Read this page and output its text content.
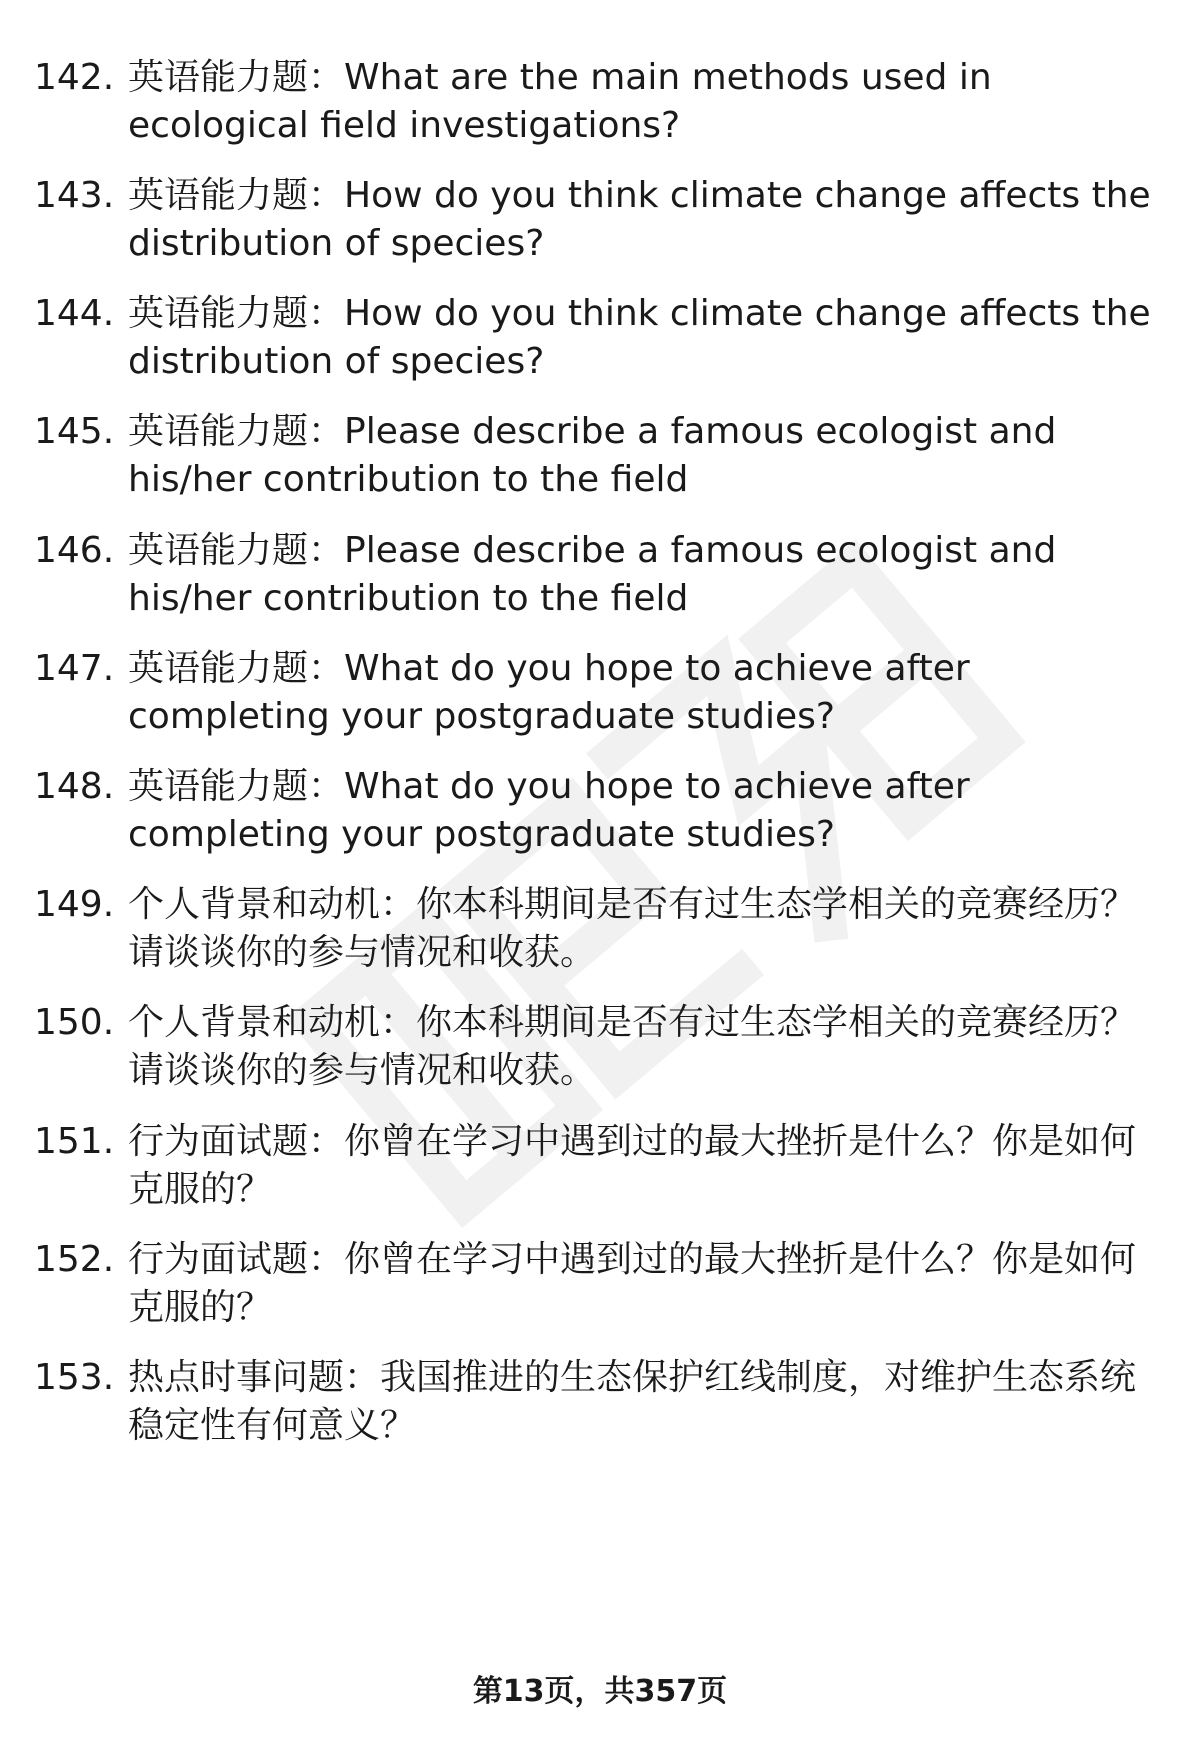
142. 英语能力题：What are the main methods used in ecological field investigations?
143. 英语能力题：How do you think climate change affects the distribution of species?
144. 英语能力题：How do you think climate change affects the distribution of species?
145. 英语能力题：Please describe a famous ecologist and his/her contribution to the field
146. 英语能力题：Please describe a famous ecologist and his/her contribution to the field
147. 英语能力题：What do you hope to achieve after completing your postgraduate studies?
148. 英语能力题：What do you hope to achieve after completing your postgraduate studies?
149. 个人背景和动机：你本科期间是否有过生态学相关的竞赛经历？请谈谈你的参与情况和收获。
150. 个人背景和动机：你本科期间是否有过生态学相关的竞赛经历？请谈谈你的参与情况和收获。
151. 行为面试题：你曾在学习中遇到过的最大挫折是什么？你是如何克服的？
152. 行为面试题：你曾在学习中遇到过的最大挫折是什么？你是如何克服的？
153. 热点时事问题：我国推进的生态保护红线制度，对维护生态系统稳定性有何意义？
第13页，共357页
